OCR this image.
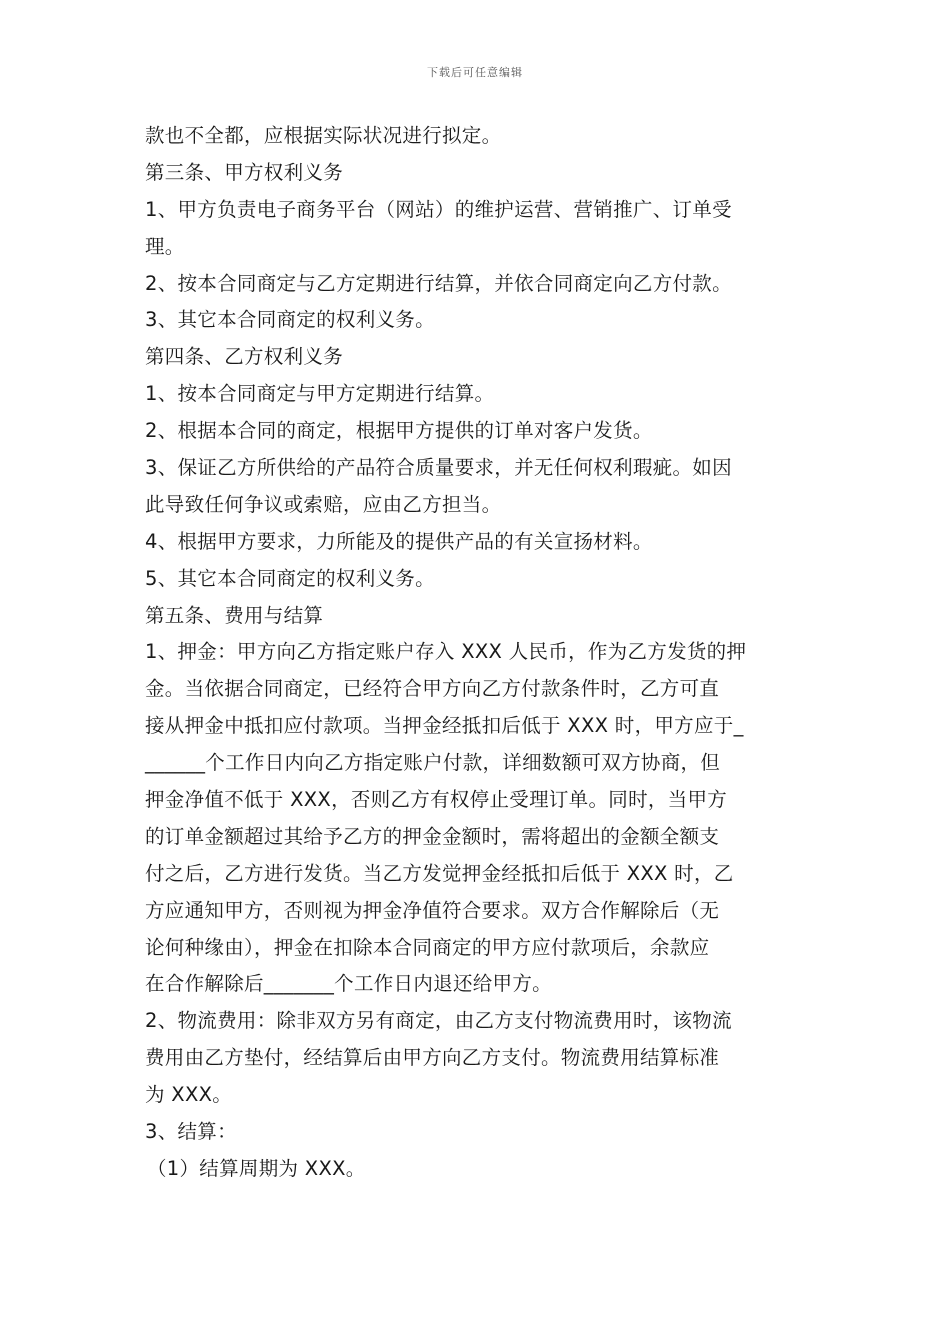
下载后可任意编辑
款也不全都，应根据实际状况进行拟定。
第三条、甲方权利义务
1、甲方负责电子商务平台（网站）的维护运营、营销推广、订单受
理。
2、按本合同商定与乙方定期进行结算，并依合同商定向乙方付款。
3、其它本合同商定的权利义务。
第四条、乙方权利义务
1、按本合同商定与甲方定期进行结算。
2、根据本合同的商定，根据甲方提供的订单对客户发货。
3、保证乙方所供给的产品符合质量要求，并无任何权利瑕疵。如因
此导致任何争议或索赔，应由乙方担当。
4、根据甲方要求，力所能及的提供产品的有关宣扬材料。
5、其它本合同商定的权利义务。
第五条、费用与结算
1、押金：甲方向乙方指定账户存入 XXX 人民币，作为乙方发货的押
金。当依据合同商定，已经符合甲方向乙方付款条件时，乙方可直
接从押金中抵扣应付款项。当押金经抵扣后低于 XXX 时，甲方应于_
______个工作日内向乙方指定账户付款，详细数额可双方协商，但
押金净值不低于 XXX，否则乙方有权停止受理订单。同时，当甲方
的订单金额超过其给予乙方的押金金额时，需将超出的金额全额支
付之后，乙方进行发货。当乙方发觉押金经抵扣后低于 XXX 时，乙
方应通知甲方，否则视为押金净值符合要求。双方合作解除后（无
论何种缘由），押金在扣除本合同商定的甲方应付款项后，余款应
在合作解除后_______个工作日内退还给甲方。
2、物流费用：除非双方另有商定，由乙方支付物流费用时，该物流
费用由乙方垫付，经结算后由甲方向乙方支付。物流费用结算标准
为 XXX。
3、结算：
（1）结算周期为 XXX。
